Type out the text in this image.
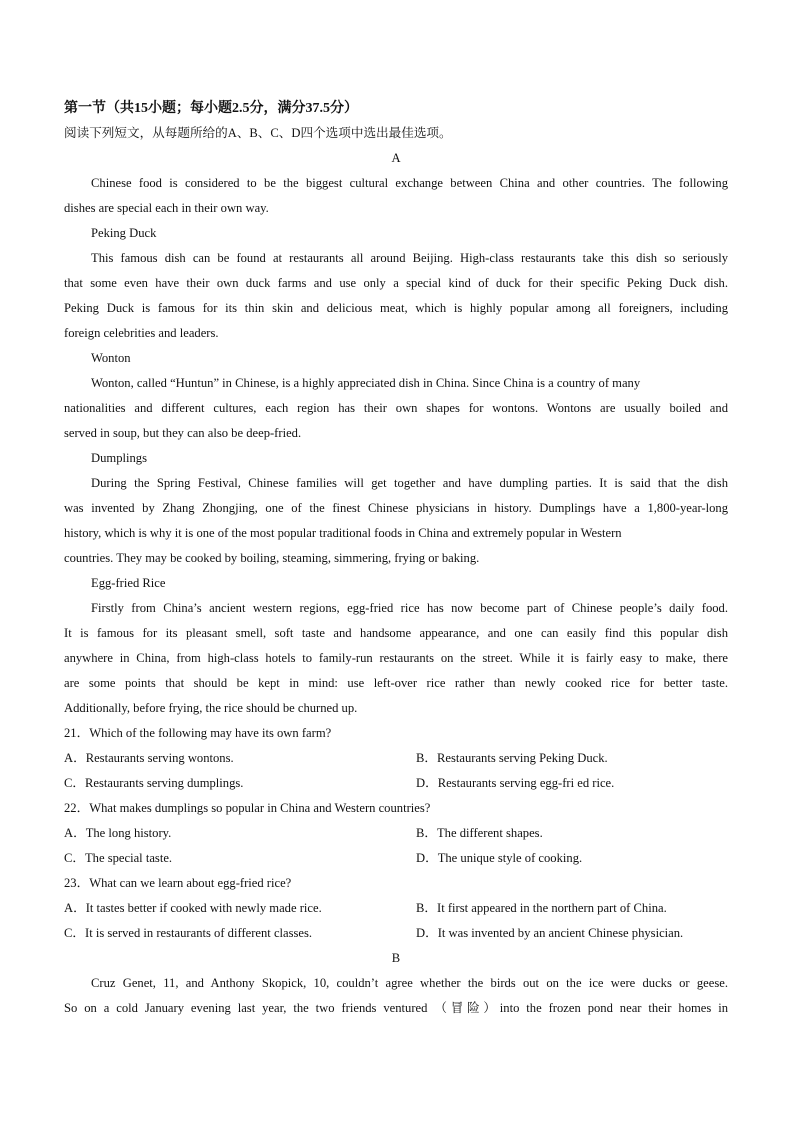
第一节（共15小题；每小题2.5分，满分37.5分）
阅读下列短文，从每题所给的A、B、C、D四个选项中选出最佳选项。
A
Chinese food is considered to be the biggest cultural exchange between China and other countries. The following
dishes are special each in their own way.
Peking Duck
This famous dish can be found at restaurants all around Beijing. High-class restaurants take this dish so seriously
that some even have their own duck farms and use only a special kind of duck for their specific Peking Duck dish.
Peking Duck is famous for its thin skin and delicious meat, which is highly popular among all foreigners, including
foreign celebrities and leaders.
Wonton
Wonton, called “Huntun” in Chinese, is a highly appreciated dish in China. Since China is a country of many
nationalities and different cultures, each region has their own shapes for wontons. Wontons are usually boiled and
served in soup, but they can also be deep-fried.
Dumplings
During the Spring Festival, Chinese families will get together and have dumpling parties. It is said that the dish
was invented by Zhang Zhongjing, one of the finest Chinese physicians in history. Dumplings have a 1,800-year-long
history, which is why it is one of the most popular traditional foods in China and extremely popular in Western
countries. They may be cooked by boiling, steaming, simmering, frying or baking.
Egg-fried Rice
Firstly from China’s ancient western regions, egg-fried rice has now become part of Chinese people’s daily food.
It is famous for its pleasant smell, soft taste and handsome appearance, and one can easily find this popular dish
anywhere in China, from high-class hotels to family-run restaurants on the street. While it is fairly easy to make, there
are some points that should be kept in mind: use left-over rice rather than newly cooked rice for better taste.
Additionally, before frying, the rice should be churned up.
21．Which of the following may have its own farm?
A．Restaurants serving wontons.	B．Restaurants serving Peking Duck.
C．Restaurants serving dumplings.	D．Restaurants serving egg-fri ed rice.
22．What makes dumplings so popular in China and Western countries?
A．The long history.	B．The different shapes.
C．The special taste.	D．The unique style of cooking.
23．What can we learn about egg-fried rice?
A．It tastes better if cooked with newly made rice.	B．It first appeared in the northern part of China.
C．It is served in restaurants of different classes.	D．It was invented by an ancient Chinese physician.
B
Cruz Genet, 11, and Anthony Skopick, 10, couldn’t agree whether the birds out on the ice were ducks or geese.
So on a cold January evening last year, the two friends ventured （冒险）into the frozen pond near their homes in
